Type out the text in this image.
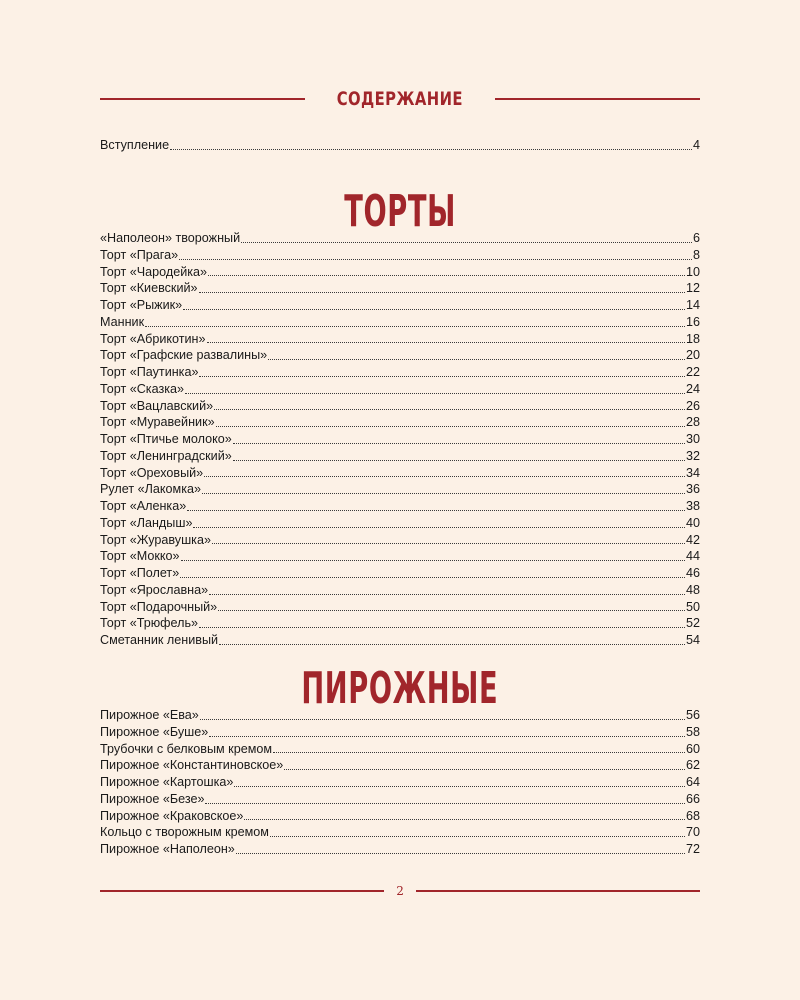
СОДЕРЖАНИЕ
Вступление	4
ТОРТЫ
«Наполеон» творожный	6
Торт «Прага»	8
Торт «Чародейка»	10
Торт «Киевский»	12
Торт «Рыжик»	14
Манник	16
Торт «Абрикотин»	18
Торт «Графские развалины»	20
Торт «Паутинка»	22
Торт «Сказка»	24
Торт «Вацлавский»	26
Торт «Муравейник»	28
Торт «Птичье молоко»	30
Торт «Ленинградский»	32
Торт «Ореховый»	34
Рулет «Лакомка»	36
Торт «Аленка»	38
Торт «Ландыш»	40
Торт «Журавушка»	42
Торт «Мокко»	44
Торт «Полет»	46
Торт «Ярославна»	48
Торт «Подарочный»	50
Торт «Трюфель»	52
Сметанник ленивый	54
ПИРОЖНЫЕ
Пирожное «Ева»	56
Пирожное «Буше»	58
Трубочки с белковым кремом	60
Пирожное «Константиновское»	62
Пирожное «Картошка»	64
Пирожное «Безе»	66
Пирожное «Краковское»	68
Кольцо с творожным кремом	70
Пирожное «Наполеон»	72
2
